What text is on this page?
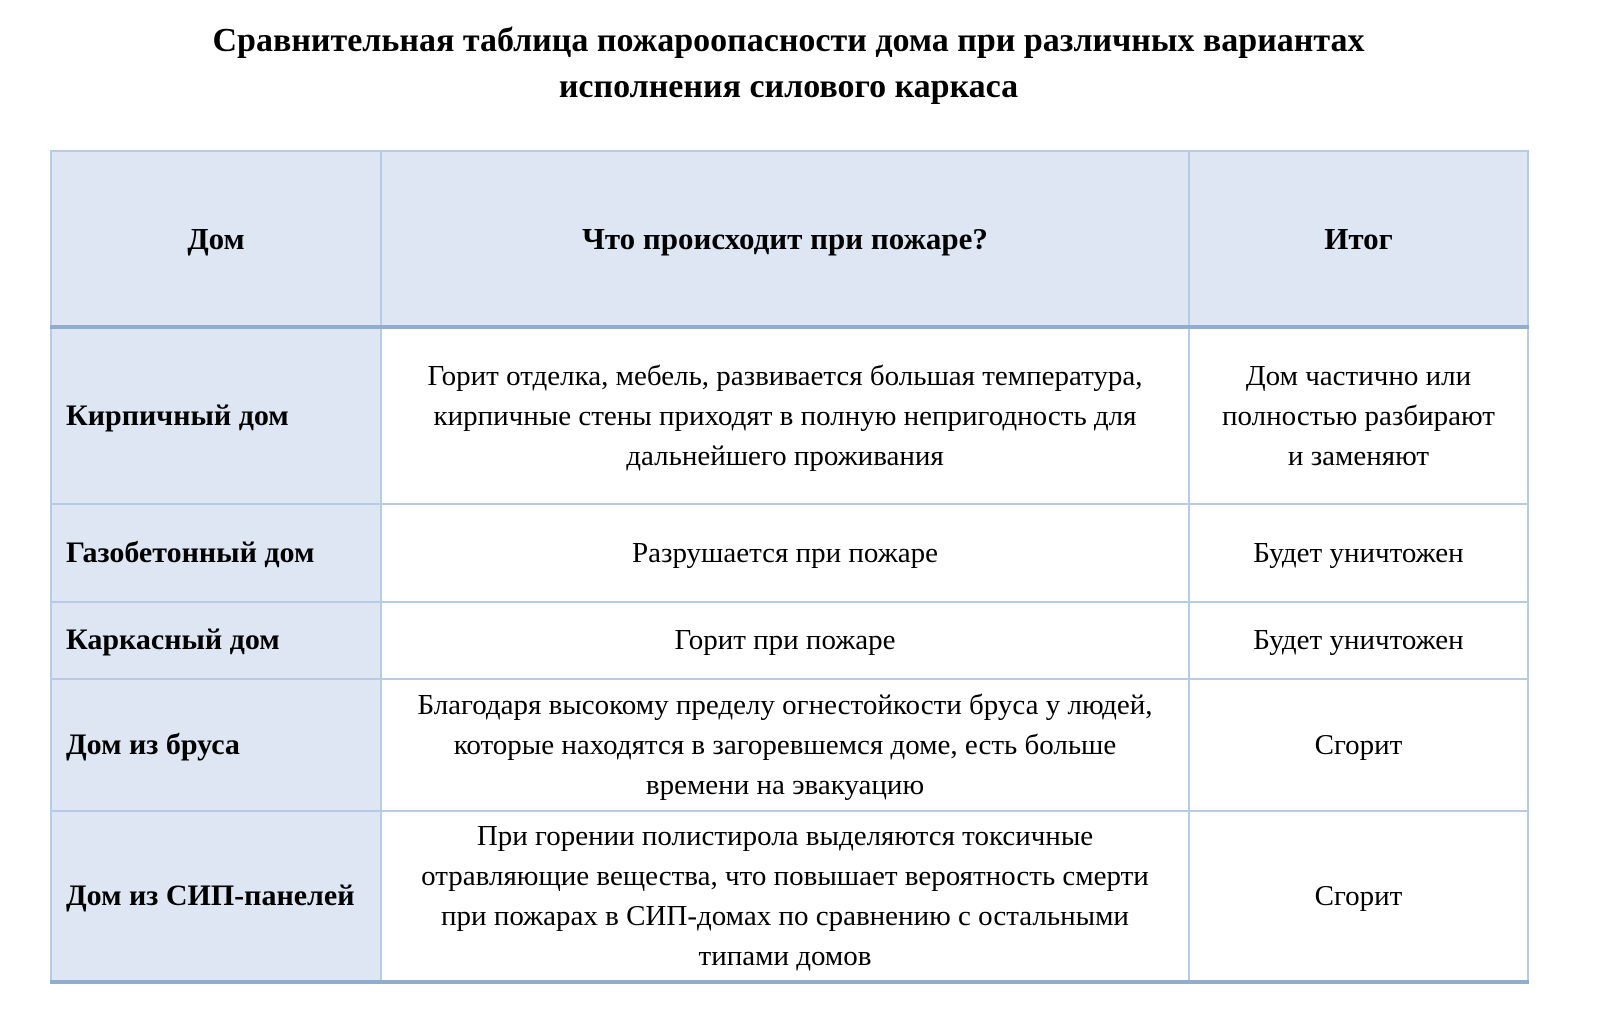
Сравнительная таблица пожароопасности дома при различных вариантах
исполнения силового каркаса
Дом	Что происходит при пожаре?	Итог
Кирпичный дом	Горит отделка, мебель, развивается большая температура, кирпичные стены приходят в полную непригодность для дальнейшего проживания	Дом частично или полностью разбирают и заменяют
Газобетонный дом	Разрушается при пожаре	Будет уничтожен
Каркасный дом	Горит при пожаре	Будет уничтожен
Дом из бруса	Благодаря высокому пределу огнестойкости бруса у людей, которые находятся в загоревшемся доме, есть больше времени на эвакуацию	Сгорит
Дом из СИП-панелей	При горении полистирола выделяются токсичные отравляющие вещества, что повышает вероятность смерти при пожарах в СИП-домах по сравнению с остальными типами домов	Сгорит
